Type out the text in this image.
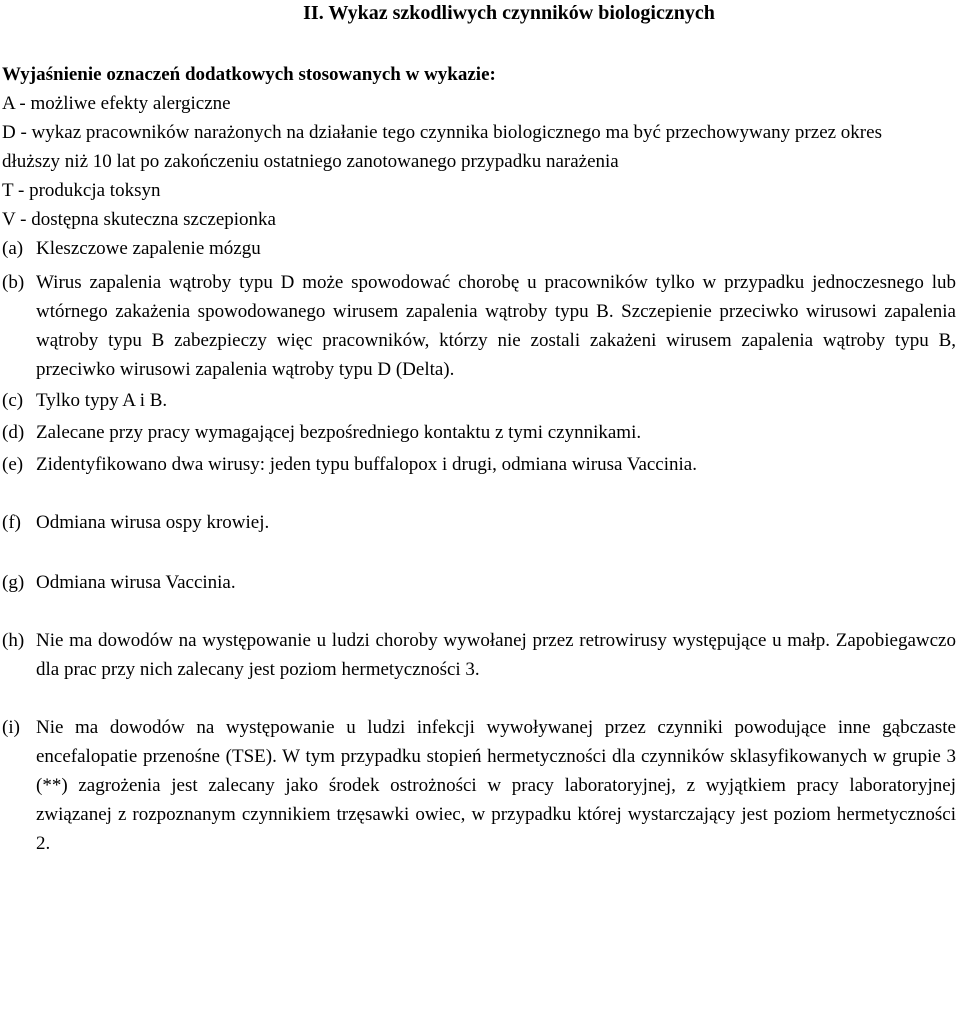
II. Wykaz szkodliwych czynników biologicznych
Wyjaśnienie oznaczeń dodatkowych stosowanych w wykazie:
A - możliwe efekty alergiczne
D - wykaz pracowników narażonych na działanie tego czynnika biologicznego ma być przechowywany przez okres dłuższy niż 10 lat po zakończeniu ostatniego zanotowanego przypadku narażenia
T - produkcja toksyn
V - dostępna skuteczna szczepionka
(a) Kleszczowe zapalenie mózgu
(b) Wirus zapalenia wątroby typu D może spowodować chorobę u pracowników tylko w przypadku jednoczesnego lub wtórnego zakażenia spowodowanego wirusem zapalenia wątroby typu B. Szczepienie przeciwko wirusowi zapalenia wątroby typu B zabezpieczy więc pracowników, którzy nie zostali zakażeni wirusem zapalenia wątroby typu B, przeciwko wirusowi zapalenia wątroby typu D (Delta).
(c) Tylko typy A i B.
(d) Zalecane przy pracy wymagającej bezpośredniego kontaktu z tymi czynnikami.
(e) Zidentyfikowano dwa wirusy: jeden typu buffalopox i drugi, odmiana wirusa Vaccinia.
(f) Odmiana wirusa ospy krowiej.
(g) Odmiana wirusa Vaccinia.
(h) Nie ma dowodów na występowanie u ludzi choroby wywołanej przez retrowirusy występujące u małp. Zapobiegawczo dla prac przy nich zalecany jest poziom hermetyczności 3.
(i) Nie ma dowodów na występowanie u ludzi infekcji wywoływanej przez czynniki powodujące inne gąbczaste encefalopatie przenośne (TSE). W tym przypadku stopień hermetyczności dla czynników sklasyfikowanych w grupie 3 (**) zagrożenia jest zalecany jako środek ostrożności w pracy laboratoryjnej, z wyjątkiem pracy laboratoryjnej związanej z rozpoznanym czynnikiem trzęsawki owiec, w przypadku której wystarczający jest poziom hermetyczności 2.
